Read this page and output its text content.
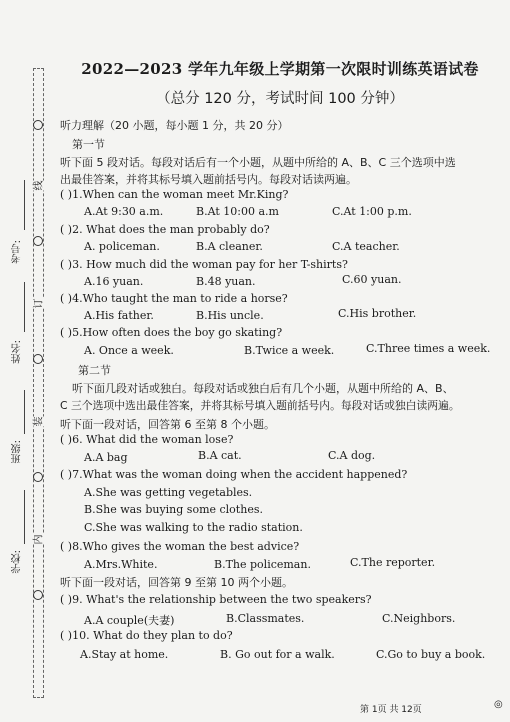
线
订
装
内
考号:
姓名:
班级:
学校:
2022—2023 学年九年级上学期第一次限时训练英语试卷
（总分 120 分，考试时间 100 分钟）
听力理解（20 小题，每小题 1 分，共 20 分）
第一节
听下面 5 段对话。每段对话后有一个小题，从题中所给的 A、B、C 三个选项中选
出最佳答案，并将其标号填入题前括号内。每段对话读两遍。
( )1.When can the woman meet Mr.King?
A.At 9:30 a.m.	B.At 10:00 a.m	C.At 1:00 p.m.
( )2. What does the man probably do?
A. policeman.	B.A cleaner.	C.A teacher.
( )3. How much did the woman pay for her T-shirts?
A.16 yuan.	B.48 yuan.	C.60 yuan.
( )4.Who taught the man to ride a horse?
A.His father.	B.His uncle.	C.His brother.
( )5.How often does the boy go skating?
A. Once a week.	B.Twice a week.	C.Three times a week.
第二节
听下面几段对话或独白。每段对话或独白后有几个小题，从题中所给的 A、B、
C 三个选项中选出最佳答案，并将其标号填入题前括号内。每段对话或独白读两遍。
听下面一段对话，回答第 6 至第 8 个小题。
( )6. What did the woman lose?
A.A bag	B.A cat.	C.A dog.
( )7.What was the woman doing when the accident happened?
A.She was getting vegetables.
B.She was buying some clothes.
C.She was walking to the radio station.
( )8.Who gives the woman the best advice?
A.Mrs.White.	B.The policeman.	C.The reporter.
听下面一段对话，回答第 9 至第 10 两个小题。
( )9. What's the relationship between the two speakers?
A.A couple(夫妻)	B.Classmates.	C.Neighbors.
( )10. What do they plan to do?
A.Stay at home.	B. Go out for a walk.	C.Go to buy a book.
第 1页 共 12页	◎
